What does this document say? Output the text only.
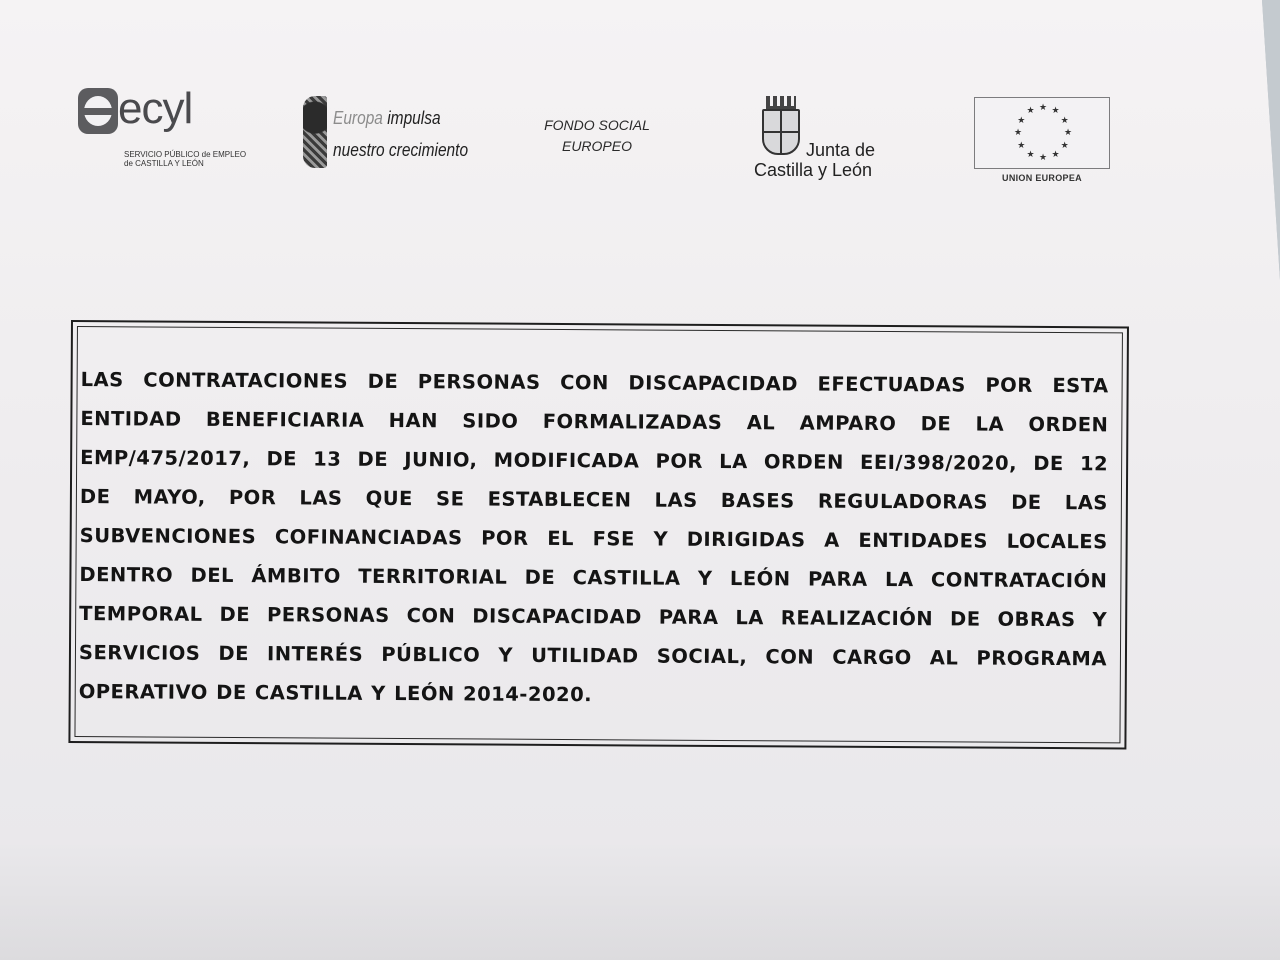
ecyl
SERVICIO PÚBLICO de EMPLEO
de CASTILLA Y LEÓN
Europa impulsa
nuestro crecimiento
FONDO SOCIAL
EUROPEO	Junta de
Castilla y León
★ ★
★
★
★
★
★
★
★
★
★
★
UNION EUROPEA
LAS CONTRATACIONES DE PERSONAS CON DISCAPACIDAD EFECTUADAS POR ESTA
ENTIDAD BENEFICIARIA HAN SIDO FORMALIZADAS AL AMPARO DE LA ORDEN
EMP/475/2017, DE 13 DE JUNIO, MODIFICADA POR LA ORDEN EEI/398/2020, DE 12
DE MAYO, POR LAS QUE SE ESTABLECEN LAS BASES REGULADORAS DE LAS
SUBVENCIONES COFINANCIADAS POR EL FSE Y DIRIGIDAS A ENTIDADES LOCALES
DENTRO DEL ÁMBITO TERRITORIAL DE CASTILLA Y LEÓN PARA LA CONTRATACIÓN
TEMPORAL DE PERSONAS CON DISCAPACIDAD PARA LA REALIZACIÓN DE OBRAS Y
SERVICIOS DE INTERÉS PÚBLICO Y UTILIDAD SOCIAL, CON CARGO AL PROGRAMA
OPERATIVO DE CASTILLA Y LEÓN 2014-2020.
